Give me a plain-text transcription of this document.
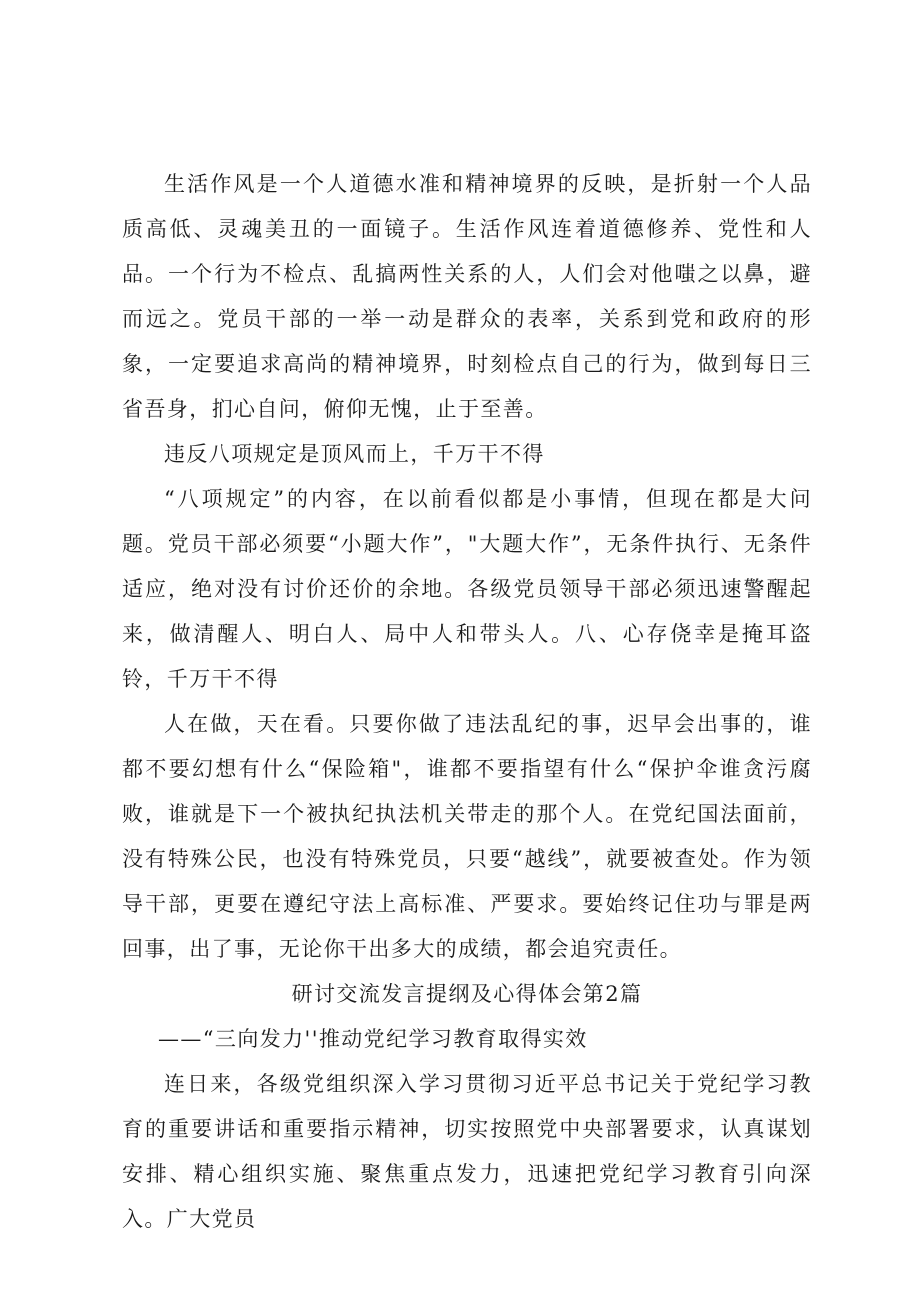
生活作风是一个人道德水准和精神境界的反映，是折射一个人品质高低、灵魂美丑的一面镜子。生活作风连着道德修养、党性和人品。一个行为不检点、乱搞两性关系的人，人们会对他嗤之以鼻，避而远之。党员干部的一举一动是群众的表率，关系到党和政府的形象，一定要追求高尚的精神境界，时刻检点自己的行为，做到每日三省吾身，扪心自问，俯仰无愧，止于至善。

违反八项规定是顶风而上，千万干不得

“八项规定”的内容，在以前看似都是小事情，但现在都是大问题。党员干部必须要“小题大作”，"大题大作”，无条件执行、无条件适应，绝对没有讨价还价的余地。各级党员领导干部必须迅速警醒起来，做清醒人、明白人、局中人和带头人。八、心存侥幸是掩耳盗铃，千万干不得

人在做，天在看。只要你做了违法乱纪的事，迟早会出事的，谁都不要幻想有什么“保险箱"，谁都不要指望有什么“保护伞谁贪污腐败，谁就是下一个被执纪执法机关带走的那个人。在党纪国法面前，没有特殊公民，也没有特殊党员，只要“越线”，就要被查处。作为领导干部，更要在遵纪守法上高标准、严要求。要始终记住功与罪是两回事，出了事，无论你干出多大的成绩，都会追究责任。

研讨交流发言提纲及心得体会第2篇

——“三向发力''推动党纪学习教育取得实效

连日来，各级党组织深入学习贯彻习近平总书记关于党纪学习教育的重要讲话和重要指示精神，切实按照党中央部署要求，认真谋划安排、精心组织实施、聚焦重点发力，迅速把党纪学习教育引向深入。广大党员
